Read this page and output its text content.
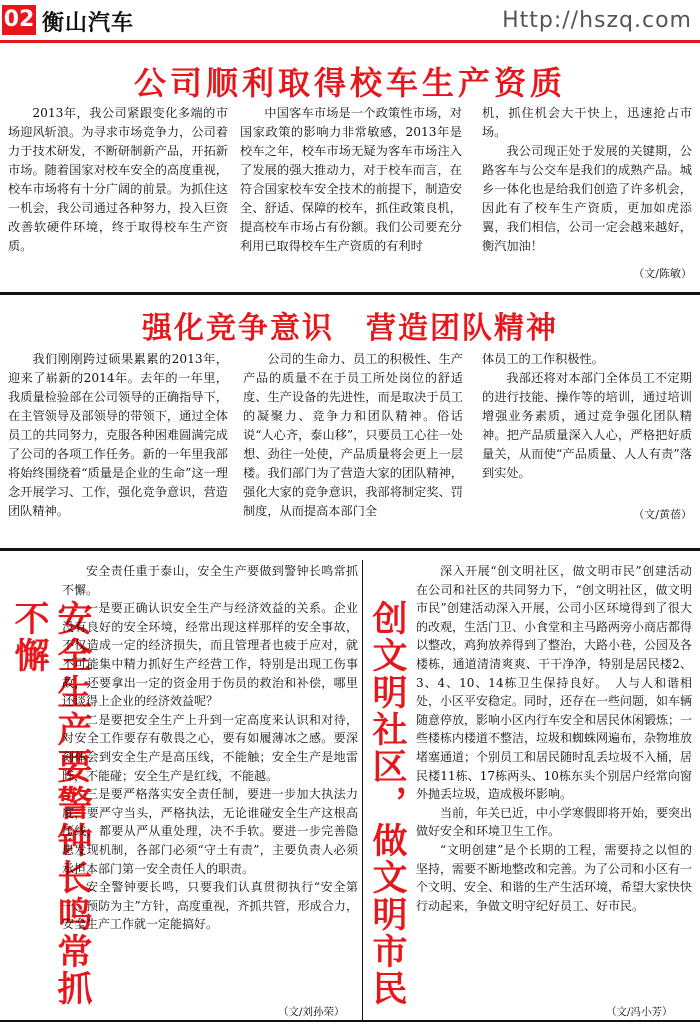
02 衡山汽车	Http://hszq.com
公司顺利取得校车生产资质

2013年，我公司紧跟变化多端的市场迎风斩浪。为寻求市场竞争力，公司着力于技术研发，不断研制新产品，开拓新市场。随着国家对校车安全的高度重视，校车市场将有十分广阔的前景。为抓住这一机会，我公司通过各种努力，投入巨资改善软硬件环境，终于取得校车生产资质。

中国客车市场是一个政策性市场，对国家政策的影响力非常敏感，2013年是校车之年，校车市场无疑为客车市场注入了发展的强大推动力，对于校车而言，在符合国家校车安全技术的前提下，制造安全、舒适、保障的校车，抓住政策良机，提高校车市场占有份额。我们公司要充分利用已取得校车生产资质的有利时

机，抓住机会大干快上，迅速抢占市场。

我公司现正处于发展的关键期，公路客车与公交车是我们的成熟产品。城乡一体化也是给我们创造了许多机会，因此有了校车生产资质，更加如虎添翼，我们相信，公司一定会越来越好，衡汽加油！

（文/陈敏）
强化竞争意识　营造团队精神

我们刚刚跨过硕果累累的2013年，迎来了崭新的2014年。去年的一年里，我质量检验部在公司领导的正确指导下，在主管领导及部领导的带领下，通过全体员工的共同努力，克服各种困难圆满完成了公司的各项工作任务。新的一年里我部将始终围绕着“质量是企业的生命”这一理念开展学习、工作，强化竞争意识，营造团队精神。

公司的生命力、员工的积极性、生产产品的质量不在于员工所处岗位的舒适度、生产设备的先进性，而是取决于员工的凝聚力、竞争力和团队精神。俗话说“人心齐，泰山移”，只要员工心往一处想、劲往一处使，产品质量将会更上一层楼。我们部门为了营造大家的团队精神，强化大家的竞争意识，我部将制定奖、罚制度，从而提高本部门全

体员工的工作积极性。

我部还将对本部门全体员工不定期的进行技能、操作等的培训，通过培训增强业务素质，通过竞争强化团队精神。把产品质量深入人心，严格把好质量关，从而使“产品质量、人人有责”落到实处。

（文/黄蓓）
安全生产要警钟长鸣常抓不懈

安全责任重于泰山，安全生产要做到警钟长鸣常抓不懈。

一是要正确认识安全生产与经济效益的关系。企业没有良好的安全环境，经常出现这样那样的安全事故，不仅造成一定的经济损失，而且管理者也疲于应对，就不可能集中精力抓好生产经营工作，特别是出现工伤事故，还要拿出一定的资金用于伤员的救治和补偿，哪里还谈得上企业的经济效益呢？

二是要把安全生产上升到一定高度来认识和对待，对安全工作要存有敬畏之心，要有如履薄冰之感。要深刻体会到安全生产是高压线，不能触；安全生产是地雷阵，不能碰；安全生产是红线，不能越。

三是要严格落实安全责任制，要进一步加大执法力度，要严守当头，严格执法，无论谁碰安全生产这根高压线，都要从严从重处理，决不手软。要进一步完善隐患发现机制，各部门必须“守土有责”，主要负责人必须承担本部门第一安全责任人的职责。

安全警钟要长鸣，只要我们认真贯彻执行“安全第一、预防为主”方针，高度重视，齐抓共管，形成合力，安全生产工作就一定能搞好。

（文/刘孙荣）
创文明社区，做文明市民

深入开展“创文明社区，做文明市民”创建活动在公司和社区的共同努力下，“创文明社区，做文明市民”创建活动深入开展，公司小区环境得到了很大的改观，生活门卫、小食堂和主马路两旁小商店都得以整改，鸡狗放养得到了整治，大路小巷，公园及各楼栋，通道清清爽爽、干干净净，特别是居民楼2、3、4、10、14栋卫生保持良好。　人与人和谐相处，小区平安稳定。同时，还存在一些问题，如车辆随意停放，影响小区内行车安全和居民休闲锻炼；一些楼栋内楼道不整洁，垃圾和蜘蛛网遍布，杂物堆放堵塞通道；个别员工和居民随时乱丢垃圾不入桶，居民楼11栋、17栋两头、10栋东头个别居户经常向窗外抛丢垃圾，造成极坏影响。

当前，年关已近，中小学寒假即将开始，要突出做好安全和环境卫生工作。

“文明创建”是个长期的工程，需要持之以恒的坚持，需要不断地整改和完善。为了公司和小区有一个文明、安全、和谐的生产生活环境，希望大家快快行动起来，争做文明守纪好员工、好市民。

（文/冯小芳）
